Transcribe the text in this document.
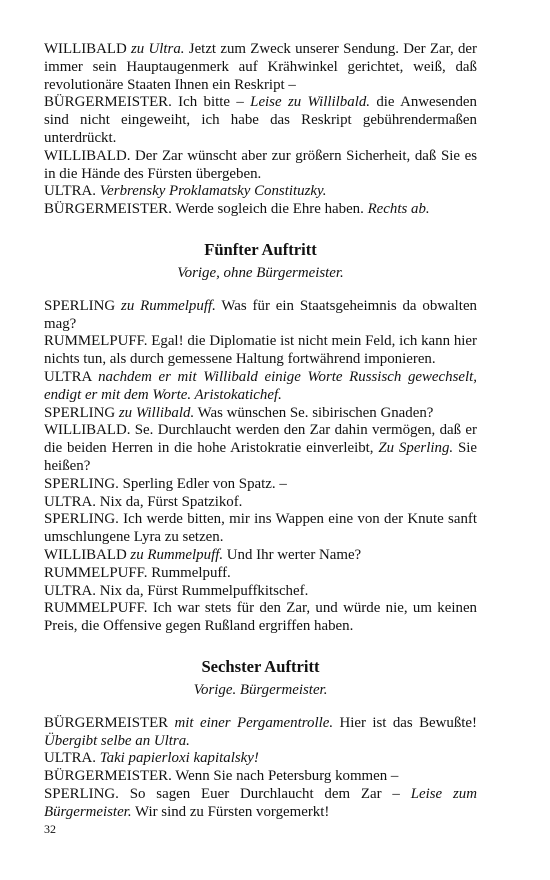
WILLIBALD zu Ultra. Jetzt zum Zweck unserer Sendung. Der Zar, der immer sein Hauptaugenmerk auf Krähwinkel gerichtet, weiß, daß revolutionäre Staaten Ihnen ein Reskript –

BÜRGERMEISTER. Ich bitte – Leise zu Willilbald. die Anwesenden sind nicht eingeweiht, ich habe das Reskript gebührendermaßen unterdrückt.

WILLIBALD. Der Zar wünscht aber zur größern Sicherheit, daß Sie es in die Hände des Fürsten übergeben.

ULTRA. Verbrensky Proklamatsky Constituzky.

BÜRGERMEISTER. Werde sogleich die Ehre haben. Rechts ab.

Fünfter Auftritt
Vorige, ohne Bürgermeister.

SPERLING zu Rummelpuff. Was für ein Staatsgeheimnis da obwalten mag?

RUMMELPUFF. Egal! die Diplomatie ist nicht mein Feld, ich kann hier nichts tun, als durch gemessene Haltung fortwährend imponieren.

ULTRA nachdem er mit Willibald einige Worte Russisch gewechselt, endigt er mit dem Worte. Aristokatichef.

SPERLING zu Willibald. Was wünschen Se. sibirischen Gnaden?

WILLIBALD. Se. Durchlaucht werden den Zar dahin vermögen, daß er die beiden Herren in die hohe Aristokratie einverleibt, Zu Sperling. Sie heißen?

SPERLING. Sperling Edler von Spatz. –

ULTRA. Nix da, Fürst Spatzikof.

SPERLING. Ich werde bitten, mir ins Wappen eine von der Knute sanft umschlungene Lyra zu setzen.

WILLIBALD zu Rummelpuff. Und Ihr werter Name?

RUMMELPUFF. Rummelpuff.

ULTRA. Nix da, Fürst Rummelpuffkitschef.

RUMMELPUFF. Ich war stets für den Zar, und würde nie, um keinen Preis, die Offensive gegen Rußland ergriffen haben.

Sechster Auftritt
Vorige. Bürgermeister.

BÜRGERMEISTER mit einer Pergamentrolle. Hier ist das Bewußte! Übergibt selbe an Ultra.

ULTRA. Taki papierloxi kapitalsky!

BÜRGERMEISTER. Wenn Sie nach Petersburg kommen –

SPERLING. So sagen Euer Durchlaucht dem Zar – Leise zum Bürgermeister. Wir sind zu Fürsten vorgemerkt!

32
